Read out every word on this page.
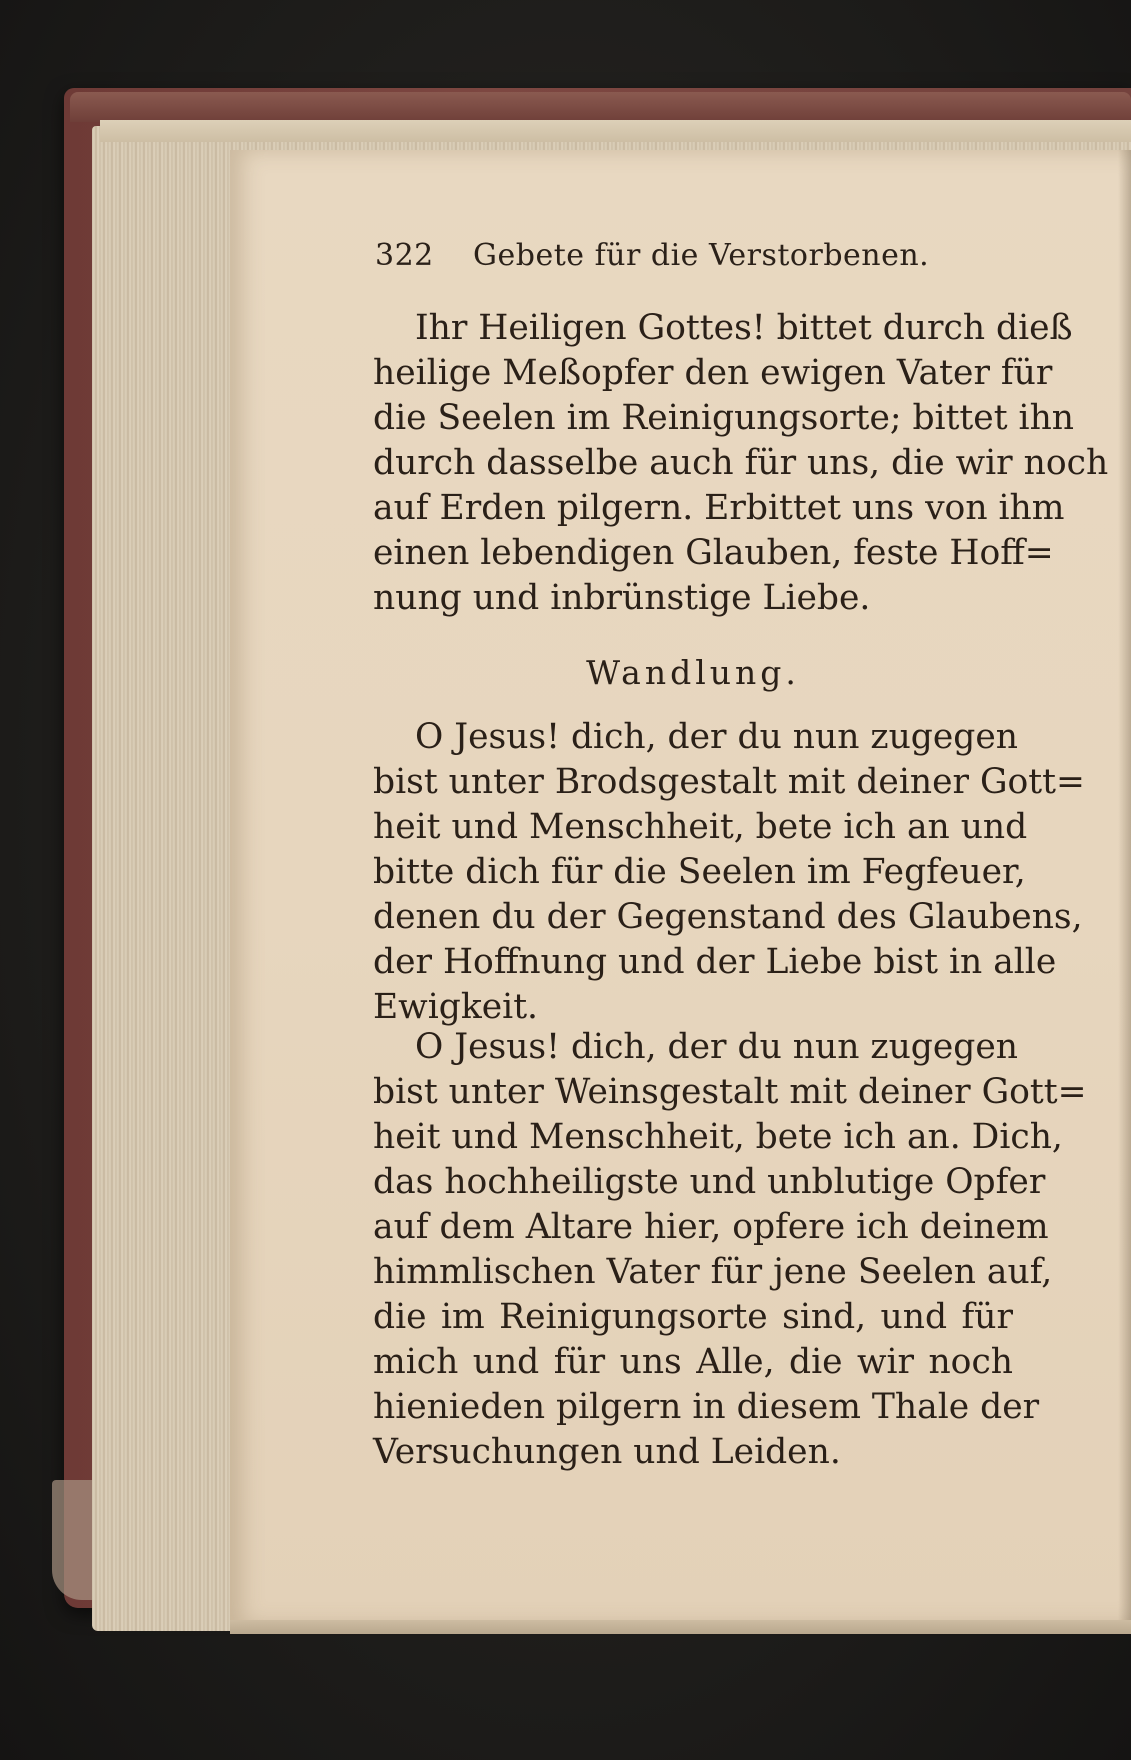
322 Gebete für die Verstorbenen.
Ihr Heiligen Gottes! bittet durch dieß
heilige Meßopfer den ewigen Vater für
die Seelen im Reinigungsorte; bittet ihn
durch dasselbe auch für uns, die wir noch
auf Erden pilgern. Erbittet uns von ihm
einen lebendigen Glauben, feste Hoff=
nung und inbrünstige Liebe.
Wandlung.
O Jesus! dich, der du nun zugegen
bist unter Brodsgestalt mit deiner Gott=
heit und Menschheit, bete ich an und
bitte dich für die Seelen im Fegfeuer,
denen du der Gegenstand des Glaubens,
der Hoffnung und der Liebe bist in alle
Ewigkeit.
O Jesus! dich, der du nun zugegen
bist unter Weinsgestalt mit deiner Gott=
heit und Menschheit, bete ich an. Dich,
das hochheiligste und unblutige Opfer
auf dem Altare hier, opfere ich deinem
himmlischen Vater für jene Seelen auf,
die im Reinigungsorte sind, und für
mich und für uns Alle, die wir noch
hienieden pilgern in diesem Thale der
Versuchungen und Leiden.
